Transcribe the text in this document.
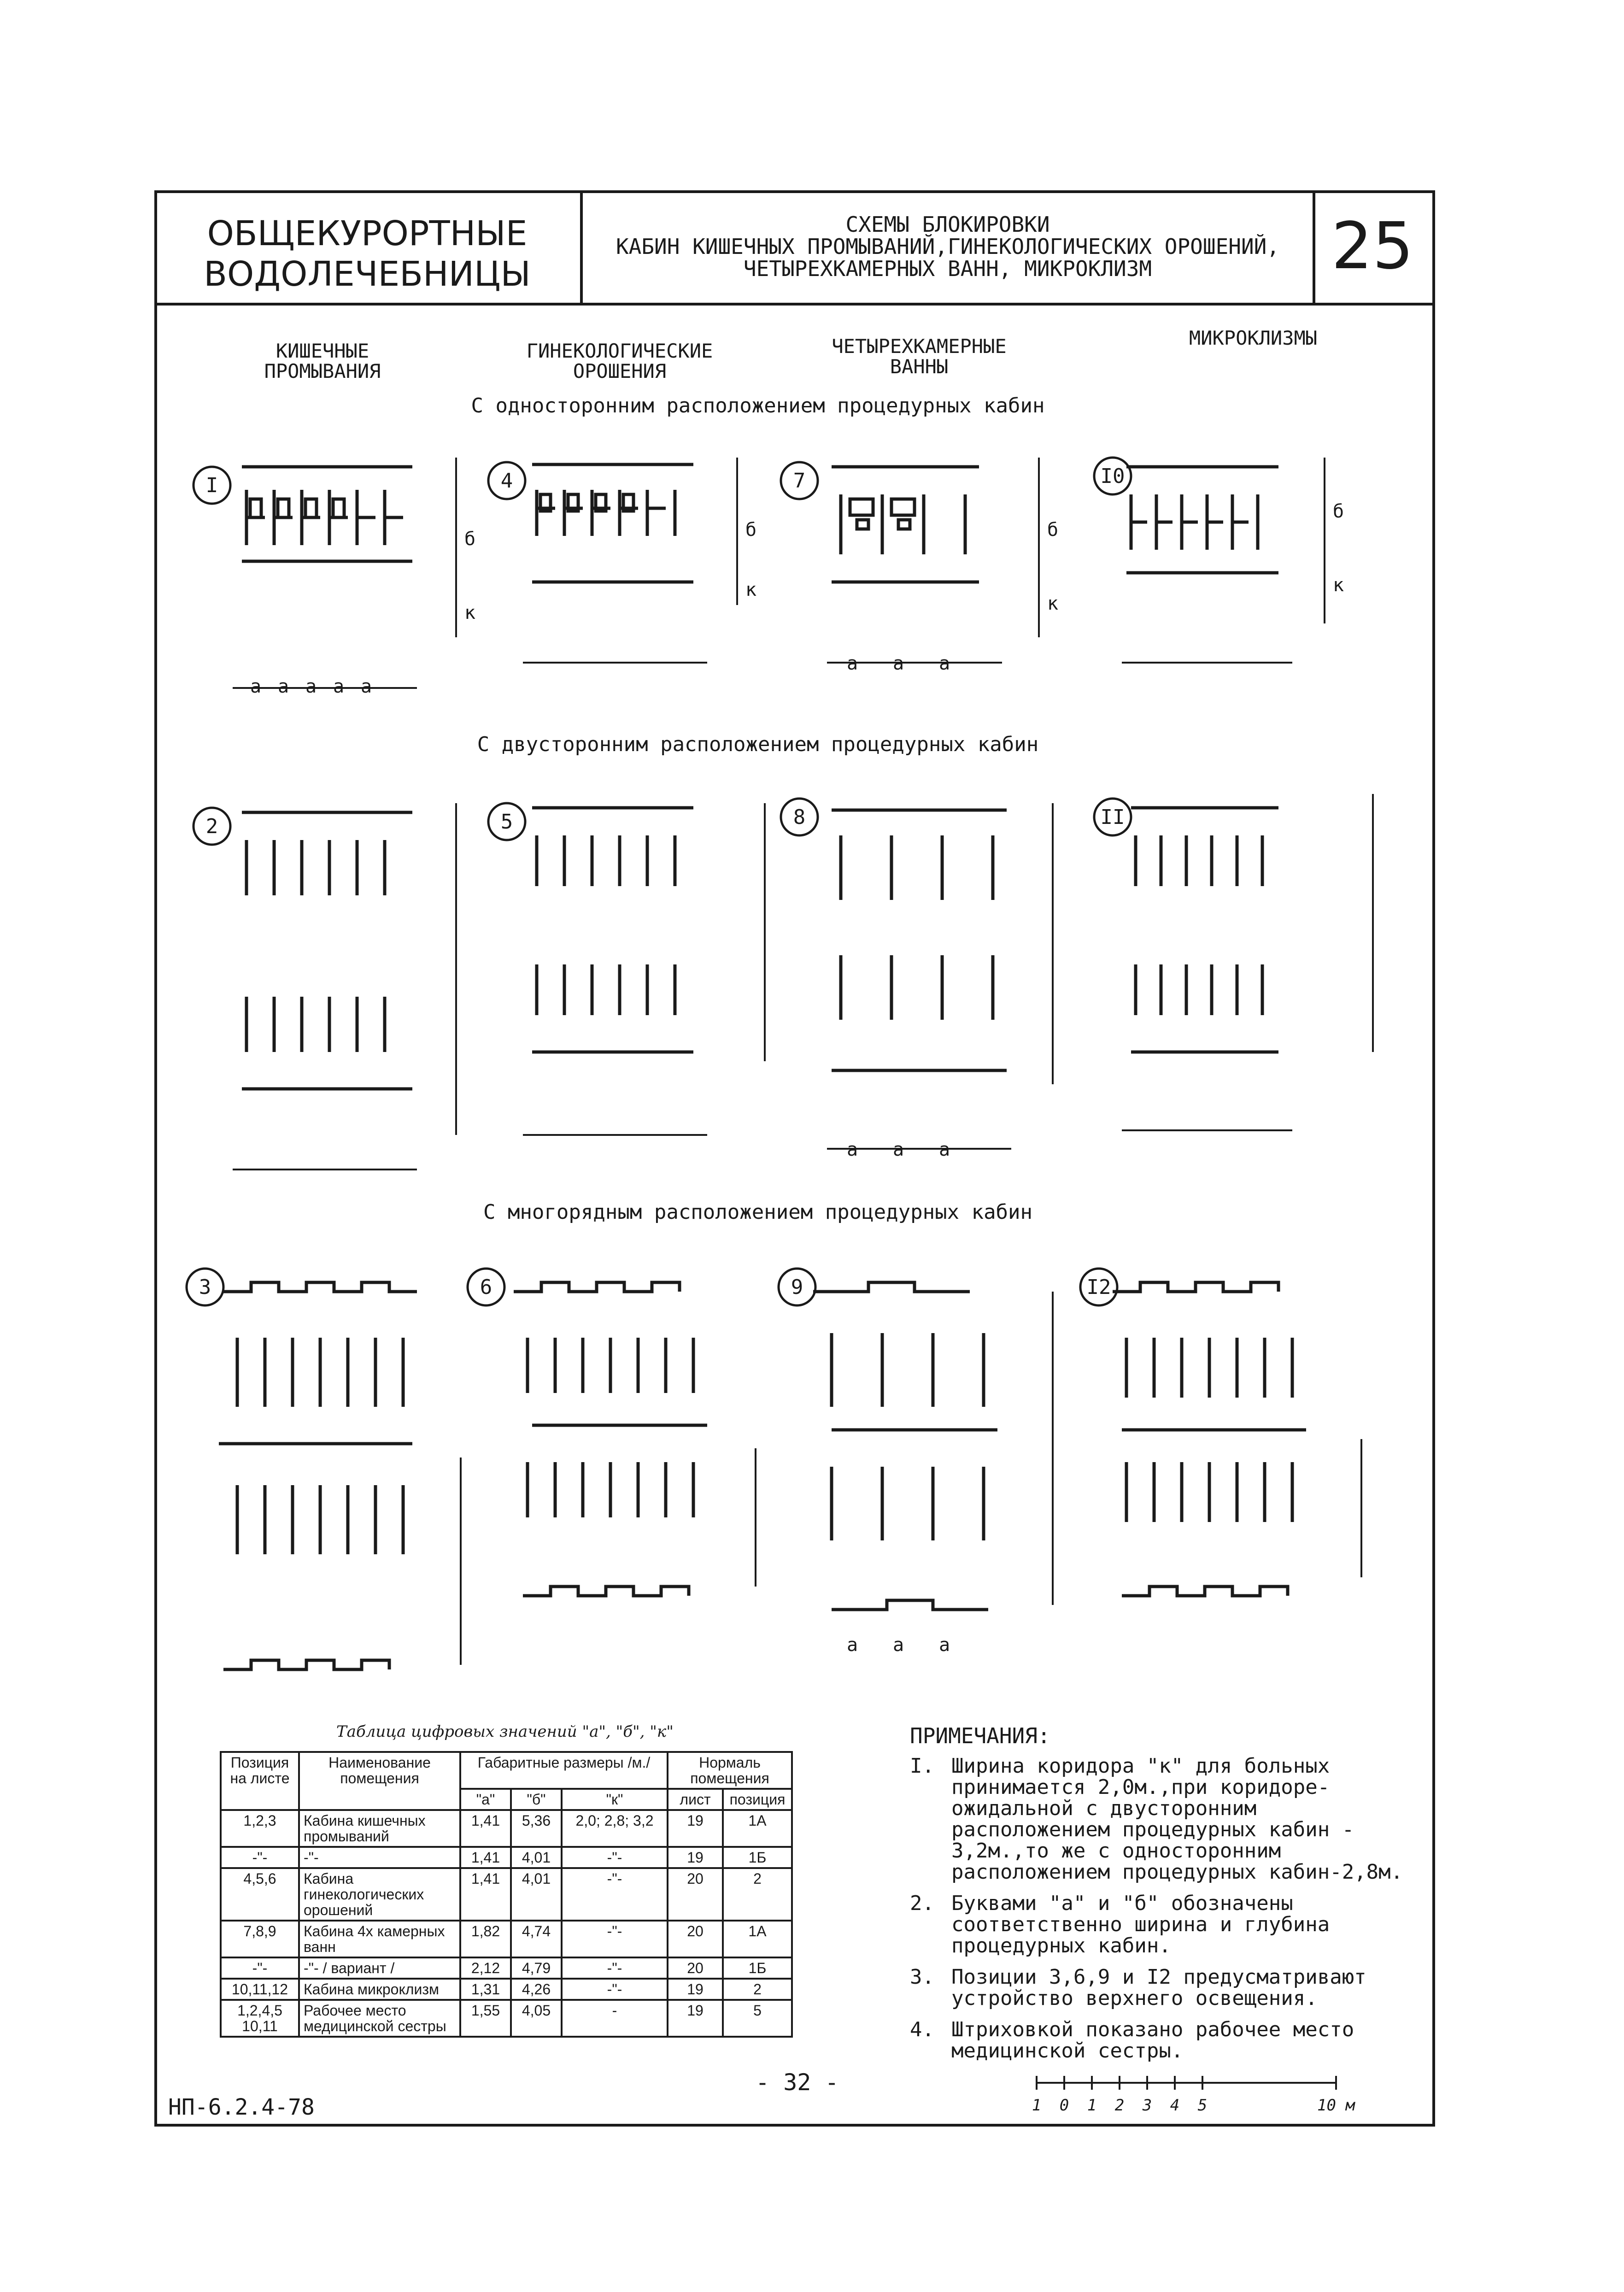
ОБЩЕКУРОРТНЫЕ
ВОДОЛЕЧЕБНИЦЫ
СХЕМЫ БЛОКИРОВКИ
КАБИН КИШЕЧНЫХ ПРОМЫВАНИЙ,ГИНЕКОЛОГИЧЕСКИХ ОРОШЕНИЙ,
ЧЕТЫРЕХКАМЕРНЫХ ВАНН, МИКРОКЛИЗМ	25
КИШЕЧНЫЕ
ПРОМЫВАНИЯ
ГИНЕКОЛОГИЧЕСКИЕ
ОРОШЕНИЯ
ЧЕТЫРЕХКАМЕРНЫЕ
ВАННЫ
МИКРОКЛИЗМЫ
С односторонним расположением процедурных кабин
С двусторонним расположением процедурных кабин
С многорядным расположением процедурных кабин
I	4	7	I0
2	5	8	II
3	6	9	I2
а а а а а
б
к
б
к
б
к
б
к
а а а
а а а
а а а
Таблица цифровых значений "а", "б", "к"
Позиция на листе	Наименование помещения	Габаритные размеры /м./			Нормаль помещения	
		"а"	"б"	"к"	лист	позиция
1,2,3	Кабина кишечных промываний	1,41	5,36	2,0; 2,8; 3,2	19	1А
-"-	-"-	1,41	4,01	-"-	19	1Б
4,5,6	Кабина гинекологических орошений	1,41	4,01	-"-	20	2
7,8,9	Кабина 4х камерных ванн	1,82	4,74	-"-	20	1А
-"-	-"- / вариант /	2,12	4,79	-"-	20	1Б
10,11,12	Кабина микроклизм	1,31	4,26	-"-	19	2
1,2,4,5 10,11	Рабочее место медицинской сестры	1,55	4,05	-	19	5
ПРИМЕЧАНИЯ:
I. Ширина коридора "к" для больных принимается 2,0м.,при коридоре-ожидальной с двусторонним расположением процедурных кабин - 3,2м.,то же с односторонним расположением процедурных кабин-2,8м.
2. Буквами "а" и "б" обозначены соответственно ширина и глубина процедурных кабин.
3. Позиции 3,6,9 и I2 предусматривают устройство верхнего освещения.
4. Штриховкой показано рабочее место медицинской сестры.
- 32 -
НП-6.2.4-78	1 0 1 2 3 4 5	10 м
